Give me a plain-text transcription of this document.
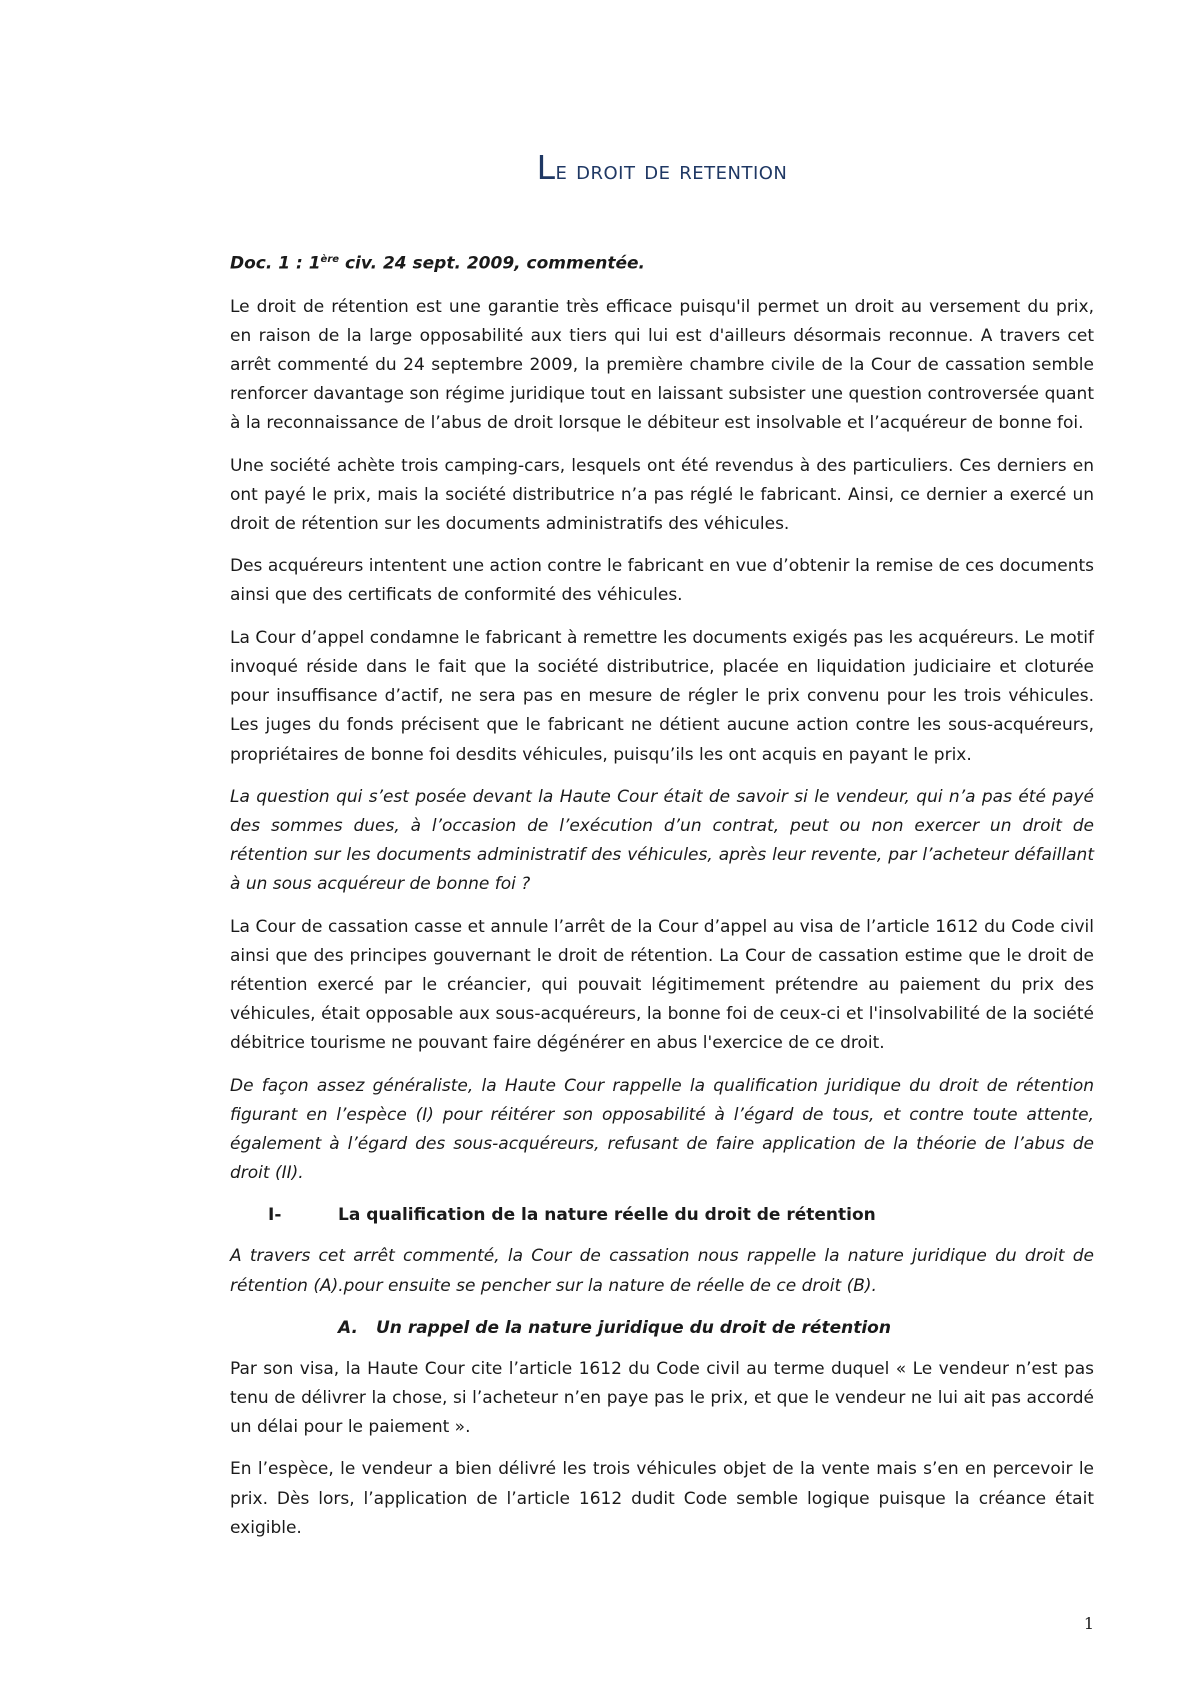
Le droit de retention
Doc. 1 : 1ère civ. 24 sept. 2009, commentée.

Le droit de rétention est une garantie très efficace puisqu'il permet un droit au versement du prix, en raison de la large opposabilité aux tiers qui lui est d'ailleurs désormais reconnue. A travers cet arrêt commenté du 24 septembre 2009, la première chambre civile de la Cour de cassation semble renforcer davantage son régime juridique tout en laissant subsister une question controversée quant à la reconnaissance de l’abus de droit lorsque le débiteur est insolvable et l’acquéreur de bonne foi.

Une société achète trois camping-cars, lesquels ont été revendus à des particuliers. Ces derniers en ont payé le prix, mais la société distributrice n’a pas réglé le fabricant. Ainsi, ce dernier a exercé un droit de rétention sur les documents administratifs des véhicules.

Des acquéreurs intentent une action contre le fabricant en vue d’obtenir la remise de ces documents ainsi que des certificats de conformité des véhicules.

La Cour d’appel condamne le fabricant à remettre les documents exigés pas les acquéreurs. Le motif invoqué réside dans le fait que la société distributrice, placée en liquidation judiciaire et cloturée pour insuffisance d’actif, ne sera pas en mesure de régler le prix convenu pour les trois véhicules. Les juges du fonds précisent que le fabricant ne détient aucune action contre les sous-acquéreurs, propriétaires de bonne foi desdits véhicules, puisqu’ils les ont acquis en payant le prix.

La question qui s’est posée devant la Haute Cour était de savoir si le vendeur, qui n’a pas été payé des sommes dues, à l’occasion de l’exécution d’un contrat, peut ou non exercer un droit de rétention sur les documents administratif des véhicules, après leur revente, par l’acheteur défaillant à un sous acquéreur de bonne foi ?

La Cour de cassation casse et annule l’arrêt de la Cour d’appel au visa de l’article 1612 du Code civil ainsi que des principes gouvernant le droit de rétention. La Cour de cassation estime que le droit de rétention exercé par le créancier, qui pouvait légitimement prétendre au paiement du prix des véhicules, était opposable aux sous-acquéreurs, la bonne foi de ceux-ci et l'insolvabilité de la société débitrice tourisme ne pouvant faire dégénérer en abus l'exercice de ce droit.

De façon assez généraliste, la Haute Cour rappelle la qualification juridique du droit de rétention figurant en l’espèce (I) pour réitérer son opposabilité à l’égard de tous, et contre toute attente, également à l’égard des sous-acquéreurs, refusant de faire application de la théorie de l’abus de droit (II).

I-	La qualification de la nature réelle du droit de rétention

A travers cet arrêt commenté, la Cour de cassation nous rappelle la nature juridique du droit de rétention (A).pour ensuite se pencher sur la nature de réelle de ce droit (B).

A. Un rappel de la nature juridique du droit de rétention

Par son visa, la Haute Cour cite l’article 1612 du Code civil au terme duquel « Le vendeur n’est pas tenu de délivrer la chose, si l’acheteur n’en paye pas le prix, et que le vendeur ne lui ait pas accordé un délai pour le paiement ».

En l’espèce, le vendeur a bien délivré les trois véhicules objet de la vente mais s’en en percevoir le prix. Dès lors, l’application de l’article 1612 dudit Code semble logique puisque la créance était exigible.

1
